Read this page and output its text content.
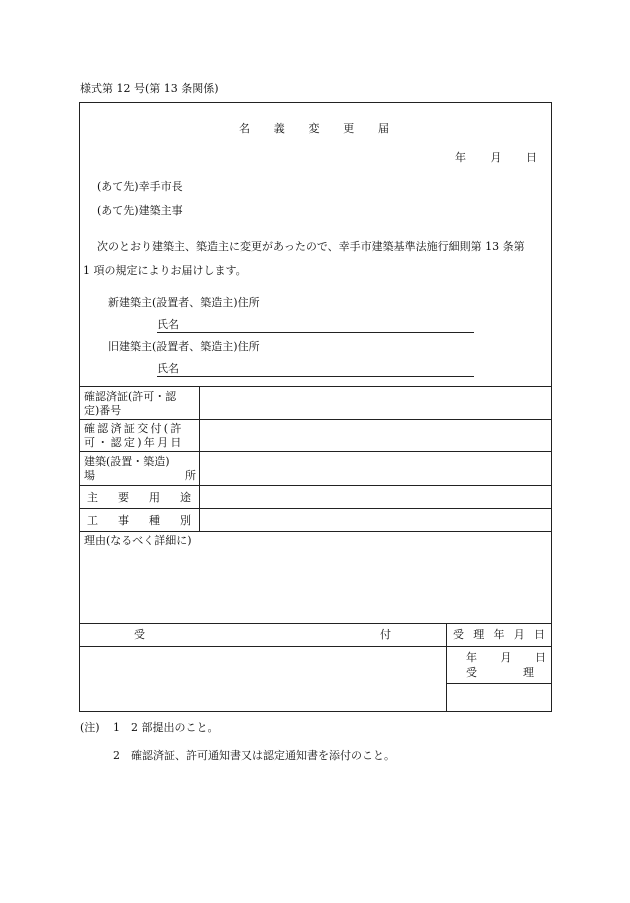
様式第 12 号(第 13 条関係)
名 義 変 更 届
年 月 日
(あて先)幸手市長
(あて先)建築主事
次のとおり建築主、築造主に変更があったので、幸手市建築基準法施行細則第 13 条第
1 項の規定によりお届けします。
新建築主(設置者、築造主)住所
氏名
旧建築主(設置者、築造主)住所
氏名
確認済証(許可・認
定)番号
確認済証交付(許
可・認定)年月日
建築(設置・築造)
場	所
主 要 用 途
工 事 種 別
理由(なるべく詳細に)
受	付	受 理 年 月 日
年 月 日
受	理
(注) 1　2 部提出のこと。
2　確認済証、許可通知書又は認定通知書を添付のこと。
